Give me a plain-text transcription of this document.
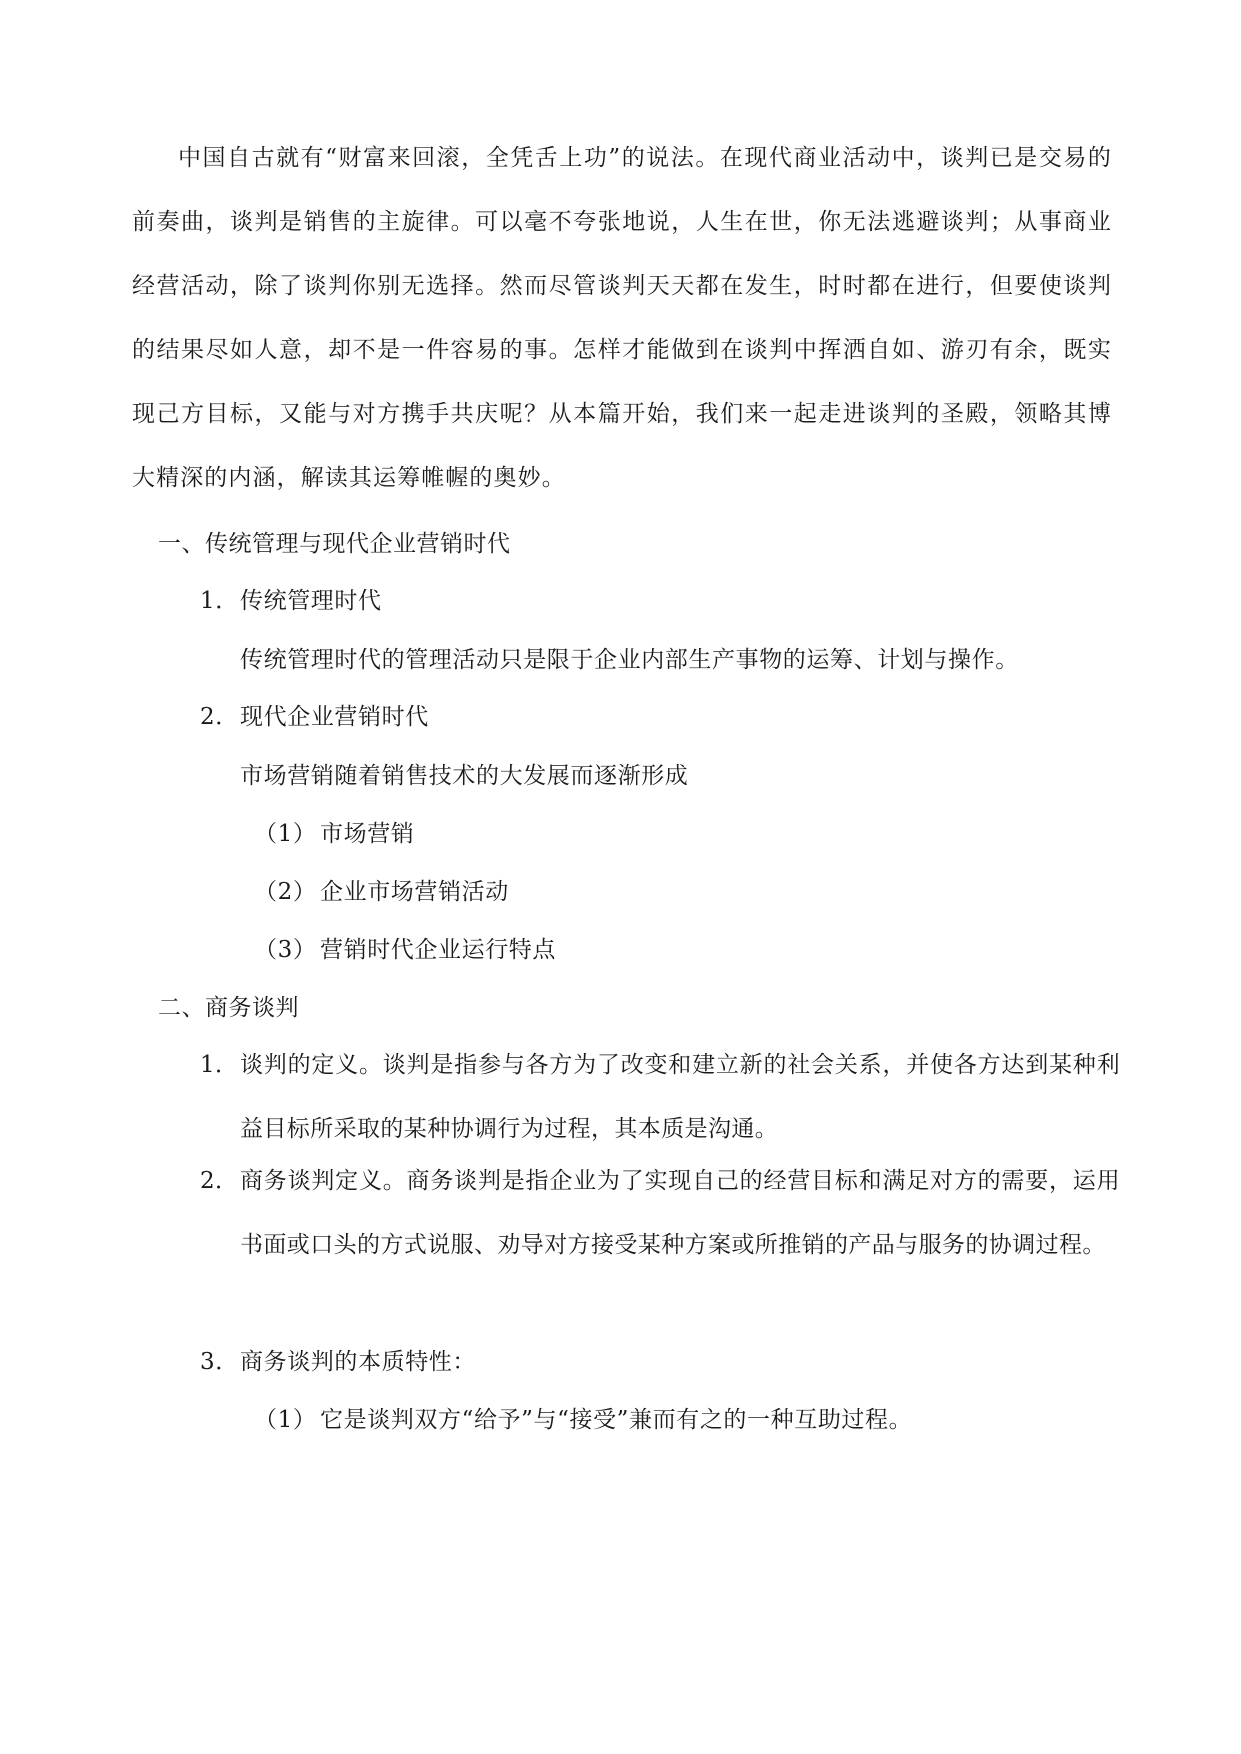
中国自古就有“财富来回滚，全凭舌上功”的说法。在现代商业活动中，谈判已是交易的前奏曲，谈判是销售的主旋律。可以毫不夸张地说，人生在世，你无法逃避谈判；从事商业经营活动，除了谈判你别无选择。然而尽管谈判天天都在发生，时时都在进行，但要使谈判的结果尽如人意，却不是一件容易的事。怎样才能做到在谈判中挥洒自如、游刃有余，既实现己方目标，又能与对方携手共庆呢？从本篇开始，我们来一起走进谈判的圣殿，领略其博大精深的内涵，解读其运筹帷幄的奥妙。

一、传统管理与现代企业营销时代

1．传统管理时代

传统管理时代的管理活动只是限于企业内部生产事物的运筹、计划与操作。

2．现代企业营销时代

市场营销随着销售技术的大发展而逐渐形成

（1） 市场营销

（2） 企业市场营销活动

（3） 营销时代企业运行特点

二、商务谈判

1． 谈判的定义。谈判是指参与各方为了改变和建立新的社会关系，并使各方达到某种利益目标所采取的某种协调行为过程，其本质是沟通。
2． 商务谈判定义。商务谈判是指企业为了实现自己的经营目标和满足对方的需要，运用书面或口头的方式说服、劝导对方接受某种方案或所推销的产品与服务的协调过程。

3．商务谈判的本质特性：

（1） 它是谈判双方“给予”与“接受”兼而有之的一种互助过程。
